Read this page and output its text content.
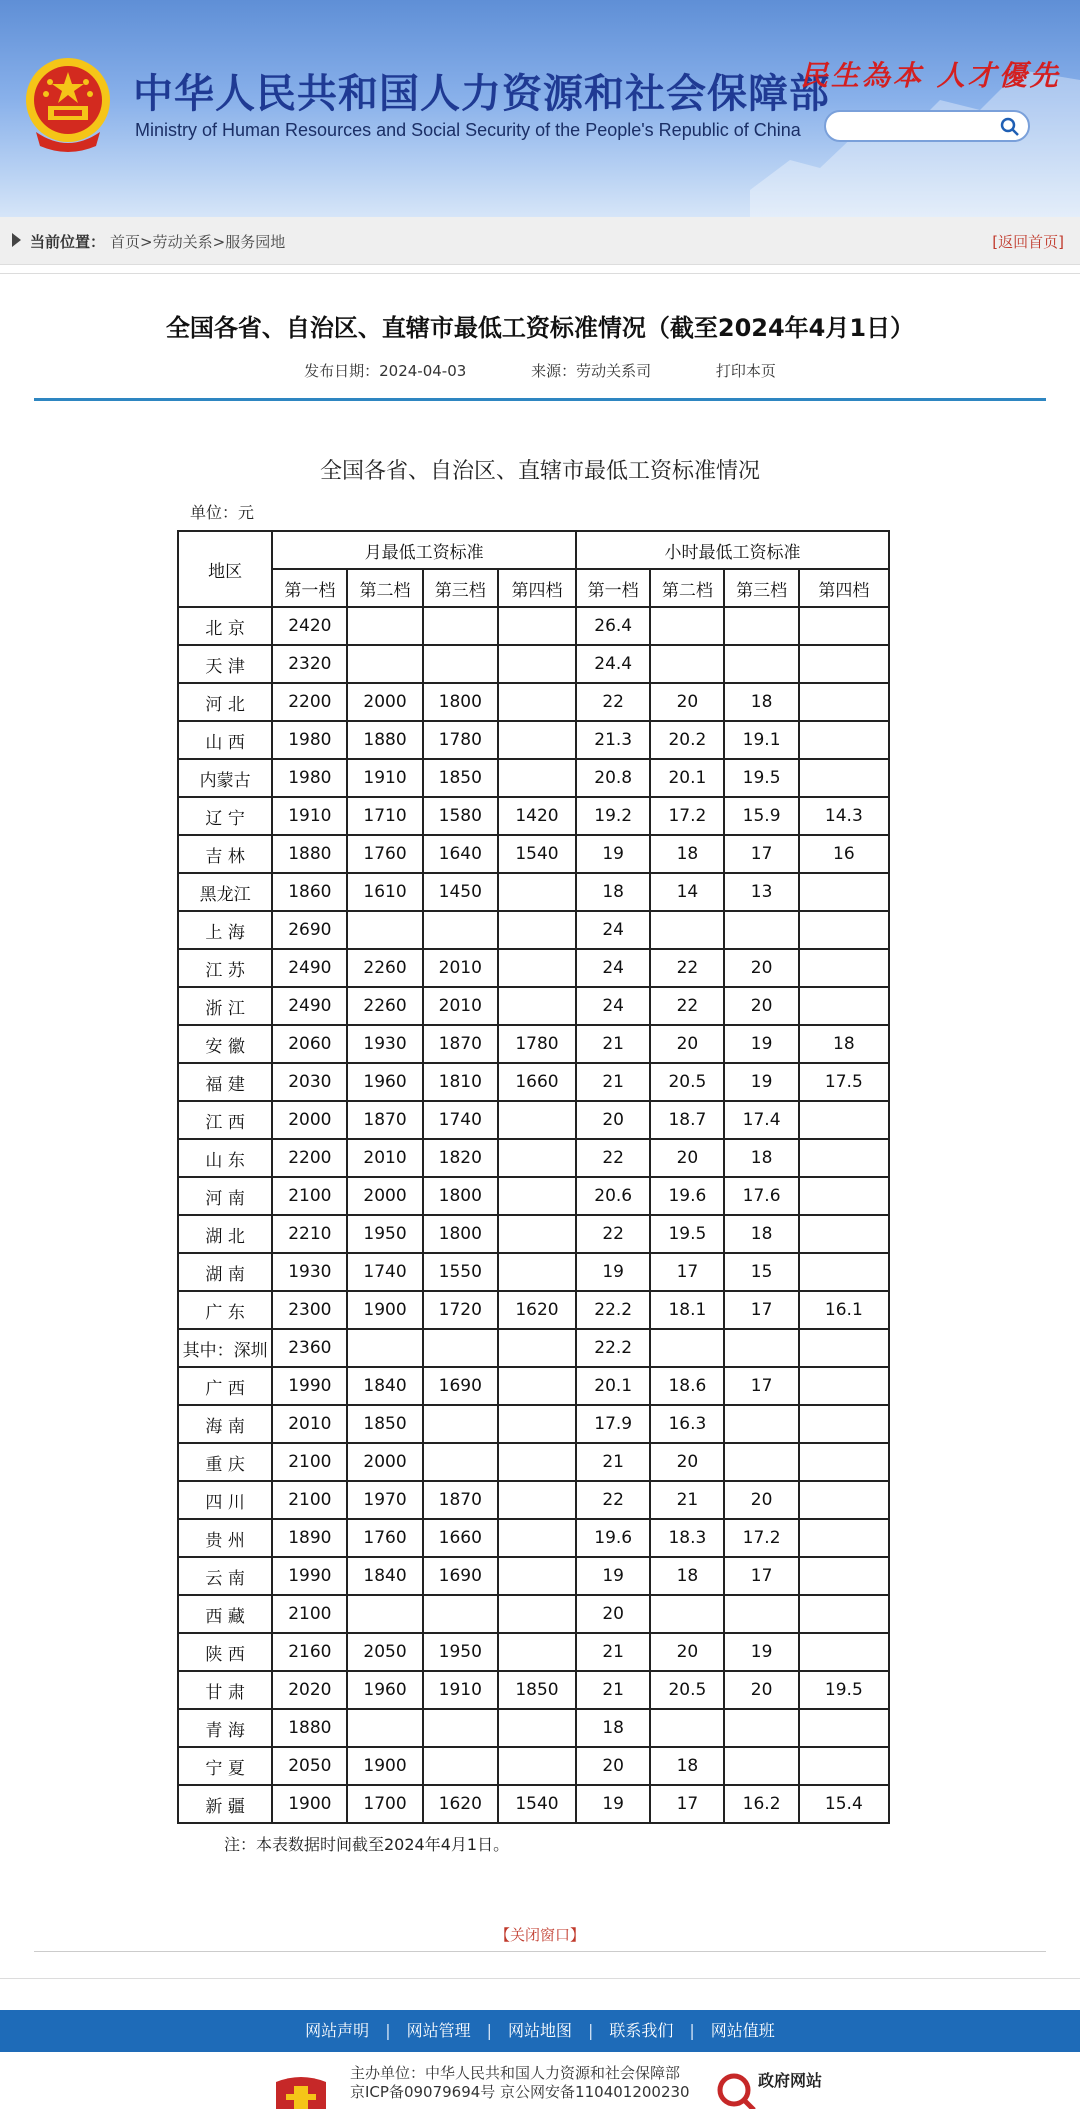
中华人民共和国人力资源和社会保障部
Ministry of Human Resources and Social Security of the People's Republic of China
民生為本 人才優先
当前位置： 首页>劳动关系>服务园地	[返回首页]
全国各省、自治区、直辖市最低工资标准情况（截至2024年4月1日）
发布日期：2024-04-03	来源：劳动关系司	打印本页
全国各省、自治区、直辖市最低工资标准情况
单位：元
地区	月最低工资标准				小时最低工资标准			
	第一档	第二档	第三档	第四档	第一档	第二档	第三档	第四档
北 京	2420				26.4			
天 津	2320				24.4			
河 北	2200	2000	1800		22	20	18	
山 西	1980	1880	1780		21.3	20.2	19.1	
内蒙古	1980	1910	1850		20.8	20.1	19.5	
辽 宁	1910	1710	1580	1420	19.2	17.2	15.9	14.3
吉 林	1880	1760	1640	1540	19	18	17	16
黑龙江	1860	1610	1450		18	14	13	
上 海	2690				24			
江 苏	2490	2260	2010		24	22	20	
浙 江	2490	2260	2010		24	22	20	
安 徽	2060	1930	1870	1780	21	20	19	18
福 建	2030	1960	1810	1660	21	20.5	19	17.5
江 西	2000	1870	1740		20	18.7	17.4	
山 东	2200	2010	1820		22	20	18	
河 南	2100	2000	1800		20.6	19.6	17.6	
湖 北	2210	1950	1800		22	19.5	18	
湖 南	1930	1740	1550		19	17	15	
广 东	2300	1900	1720	1620	22.2	18.1	17	16.1
其中：深圳	2360				22.2			
广 西	1990	1840	1690		20.1	18.6	17	
海 南	2010	1850			17.9	16.3		
重 庆	2100	2000			21	20		
四 川	2100	1970	1870		22	21	20	
贵 州	1890	1760	1660		19.6	18.3	17.2	
云 南	1990	1840	1690		19	18	17	
西 藏	2100				20			
陕 西	2160	2050	1950		21	20	19	
甘 肃	2020	1960	1910	1850	21	20.5	20	19.5
青 海	1880				18			
宁 夏	2050	1900			20	18		
新 疆	1900	1700	1620	1540	19	17	16.2	15.4
注：本表数据时间截至2024年4月1日。
【关闭窗口】
网站声明 | 网站管理 | 网站地图 | 联系我们 | 网站值班
主办单位：中华人民共和国人力资源和社会保障部
京ICP备09079694号 京公网安备110401200230
政府网站
